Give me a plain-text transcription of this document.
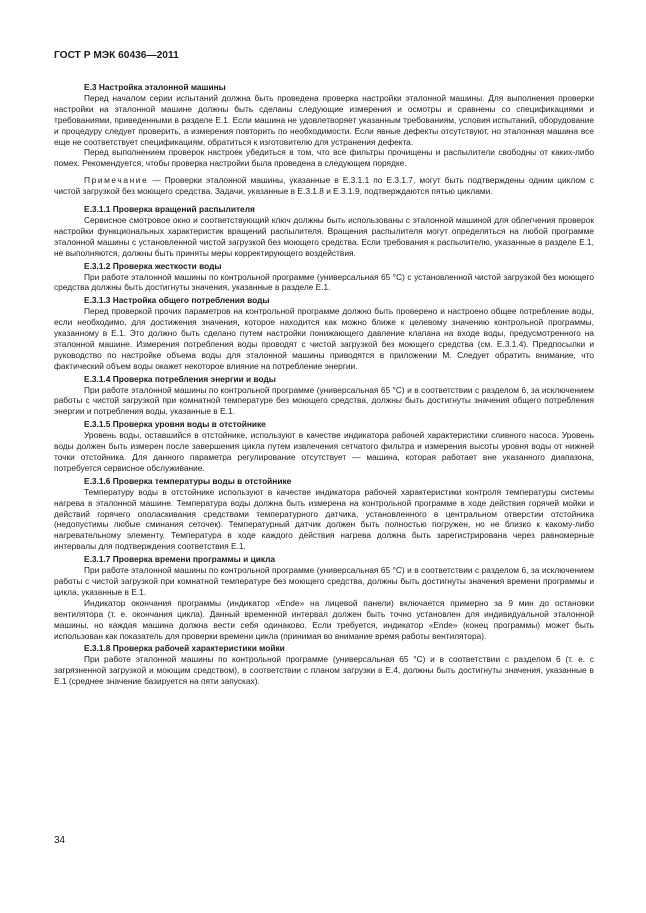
ГОСТ Р МЭК 60436—2011

Е.3 Настройка эталонной машины

Перед началом серии испытаний должна быть проведена проверка настройки эталонной машины. Для выполнения проверки настройки на эталонной машине должны быть сделаны следующие измерения и осмотры и сравнены со спецификациями и требованиями, приведенными в разделе Е.1. Если машина не удовлетворяет указанным требованиям, условия испытаний, оборудование и процедуру следует проверить, а измерения повторить по необходимости. Если явные дефекты отсутствуют, но эталонная машина все еще не соответствует спецификациям, обратиться к изготовителю для устранения дефекта.

Перед выполнением проверок настроек убедиться в том, что все фильтры прочищены и распылители свободны от каких-либо помех. Рекомендуется, чтобы проверка настройки была проведена в следующем порядке.

Примечание — Проверки эталонной машины, указанные в Е.3.1.1 по Е.3.1.7, могут быть подтверждены одним циклом с чистой загрузкой без моющего средства. Задачи, указанные в Е.3.1.8 и Е.3.1.9, подтверждаются пятью циклами.

Е.3.1.1 Проверка вращений распылителя

Сервисное смотровое окно и соответствующий ключ должны быть использованы с эталонной машиной для облегчения проверок настройки функциональных характеристик вращений распылителя. Вращения распылителя могут определяться на любой программе эталонной машины с установленной чистой загрузкой без моющего средства. Если требования к распылителю, указанные в разделе Е.1, не выполняются, должны быть приняты меры корректирующего воздействия.

Е.3.1.2 Проверка жесткости воды

При работе эталонной машины по контрольной программе (универсальная 65 °С) с установленной чистой загрузкой без моющего средства должны быть достигнуты значения, указанные в разделе Е.1.

Е.3.1.3 Настройка общего потребления воды

Перед проверкой прочих параметров на контрольной программе должно быть проверено и настроено общее потребление воды, если необходимо, для достижения значения, которое находится как можно ближе к целевому значению контрольной программы, указанному в Е.1. Это должно быть сделано путем настройки понижающего давление клапана на входе воды, предусмотренного на эталонной машине. Измерения потребления воды проводят с чистой загрузкой без моющего средства (см. Е.3.1.4). Предпосылки и руководство по настройке объема воды для эталонной машины приводятся в приложении М. Следует обратить внимание, что фактический объем воды окажет некоторое влияние на потребление энергии.

Е.3.1.4 Проверка потребления энергии и воды

При работе эталонной машины по контрольной программе (универсальная 65 °С) и в соответствии с разделом 6, за исключением работы с чистой загрузкой при комнатной температуре без моющего средства, должны быть достигнуты значения общего потребления энергии и потребления воды, указанные в Е.1.

Е.3.1.5 Проверка уровня воды в отстойнике

Уровень воды, оставшийся в отстойнике, используют в качестве индикатора рабочей характеристики сливного насоса. Уровень воды должен быть измерен после завершения цикла путем извлечения сетчатого фильтра и измерения высоты уровня воды от нижней точки отстойника. Для данного параметра регулирование отсутствует — машина, которая работает вне указанного диапазона, потребуется сервисное обслуживание.

Е.3.1.6 Проверка температуры воды в отстойнике

Температуру воды в отстойнике используют в качестве индикатора рабочей характеристики контроля температуры системы нагрева в эталонной машине. Температура воды должна быть измерена на контрольной программе в ходе действия горячей мойки и действий горячего ополаскивания средствами температурного датчика, установленного в центральном отверстии отстойника (недопустимы любые сминания сеточек). Температурный датчик должен быть полностью погружен, но не близко к какому-либо нагревательному элементу. Температура в ходе каждого действия нагрева должна быть зарегистрирована через равномерные интервалы для подтверждения соответствия Е.1.

Е.3.1.7 Проверка времени программы и цикла

При работе эталонной машины по контрольной программе (универсальная 65 °С) и в соответствии с разделом 6, за исключением работы с чистой загрузкой при комнатной температуре без моющего средства, должны быть достигнуты значения времени программы и цикла, указанные в Е.1.

Индикатор окончания программы (индикатор «Ende» на лицевой панели) включается примерно за 9 мин до остановки вентилятора (т. е. окончания цикла). Данный временной интервал должен быть точно установлен для индивидуальной эталонной машины, но каждая машина должна вести себя одинаково. Если требуется, индикатор «Ende» (конец программы) может быть использован как показатель для проверки времени цикла (принимая во внимание время работы вентилятора).

Е.3.1.8 Проверка рабочей характеристики мойки

При работе эталонной машины по контрольной программе (универсальная 65 °С) и в соответствии с разделом 6 (т. е. с загрязненной загрузкой и моющим средством), в соответствии с планом загрузки в Е.4, должны быть достигнуты значения, указанные в Е.1 (среднее значение базируется на пяти запусках).

34
